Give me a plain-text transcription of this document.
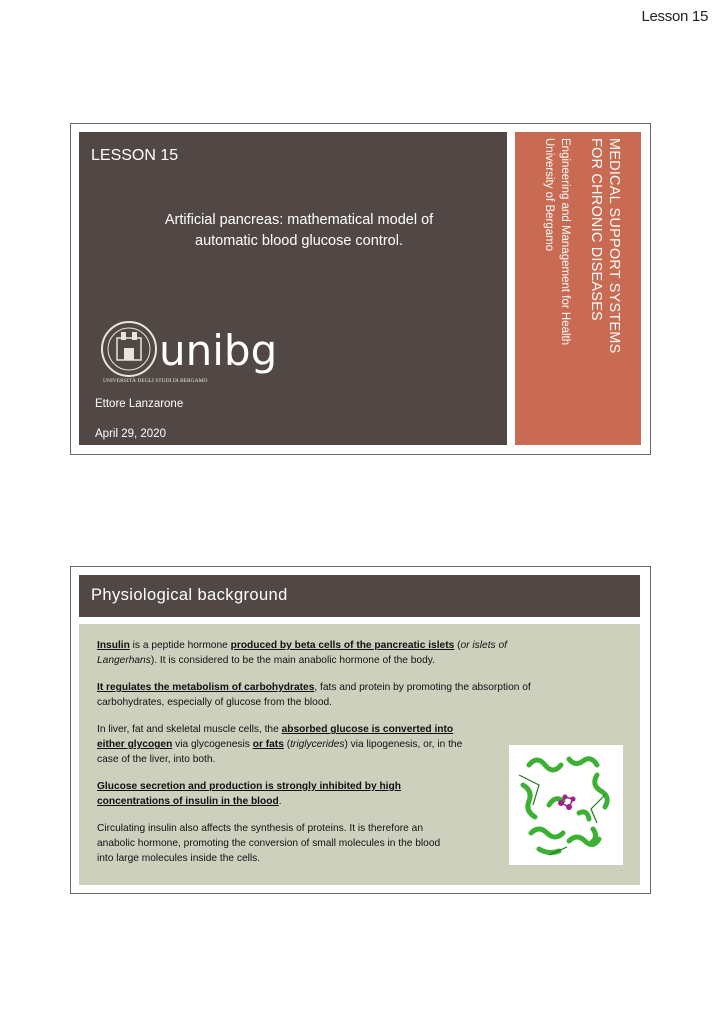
Lesson 15
LESSON 15
Artificial pancreas: mathematical model of
automatic blood glucose control.
unibg
UNIVERSITÀ DEGLI STUDI DI BERGAMO
Ettore Lanzarone
April 29, 2020
MEDICAL SUPPORT SYSTEMS
FOR CHRONIC DISEASES
Engineering and Management for Health
University of Bergamo
Physiological background

Insulin is a peptide hormone produced by beta cells of the pancreatic islets (or islets of Langerhans). It is considered to be the main anabolic hormone of the body.

It regulates the metabolism of carbohydrates, fats and protein by promoting the absorption of carbohydrates, especially of glucose from the blood.

In liver, fat and skeletal muscle cells, the absorbed glucose is converted into either glycogen via glycogenesis or fats (triglycerides) via lipogenesis, or, in the case of the liver, into both.

Glucose secretion and production is strongly inhibited by high concentrations of insulin in the blood.

Circulating insulin also affects the synthesis of proteins. It is therefore an anabolic hormone, promoting the conversion of small molecules in the blood into large molecules inside the cells.
